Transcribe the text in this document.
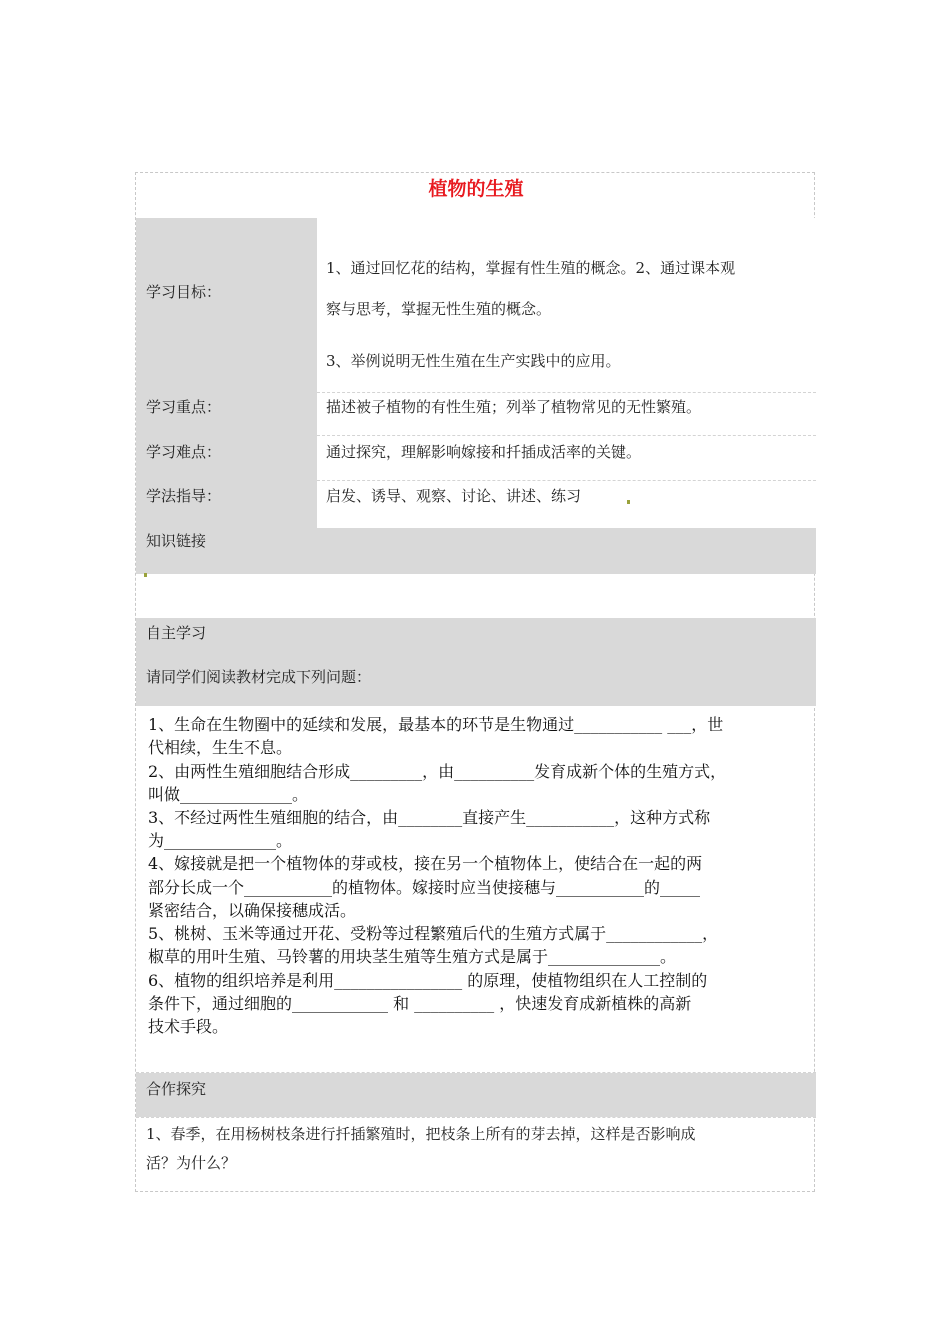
植物的生殖
学习目标：
1、通过回忆花的结构，掌握有性生殖的概念。2、通过课本观
察与思考，掌握无性生殖的概念。
3、举例说明无性生殖在生产实践中的应用。
学习重点：	描述被子植物的有性生殖；列举了植物常见的无性繁殖。
学习难点：	通过探究，理解影响嫁接和扦插成活率的关键。
学法指导：	启发、诱导、观察、讨论、讲述、练习
知识链接
自主学习
请同学们阅读教材完成下列问题：
1、生命在生物圈中的延续和发展，最基本的环节是生物通过___________ ___，世
代相续，生生不息。
2、由两性生殖细胞结合形成_________，由__________发育成新个体的生殖方式，
叫做______________。
3、不经过两性生殖细胞的结合，由________直接产生___________，这种方式称
为______________。
4、嫁接就是把一个植物体的芽或枝，接在另一个植物体上，使结合在一起的两
部分长成一个___________的植物体。嫁接时应当使接穗与___________的_____
紧密结合，以确保接穗成活。
5、桃树、玉米等通过开花、受粉等过程繁殖后代的生殖方式属于____________，
椒草的用叶生殖、马铃薯的用块茎生殖等生殖方式是属于______________。
6、植物的组织培养是利用________________ 的原理，使植物组织在人工控制的
条件下，通过细胞的____________ 和 __________ ，快速发育成新植株的高新
技术手段。
合作探究
1、春季，在用杨树枝条进行扦插繁殖时，把枝条上所有的芽去掉，这样是否影响成
活？为什么？
